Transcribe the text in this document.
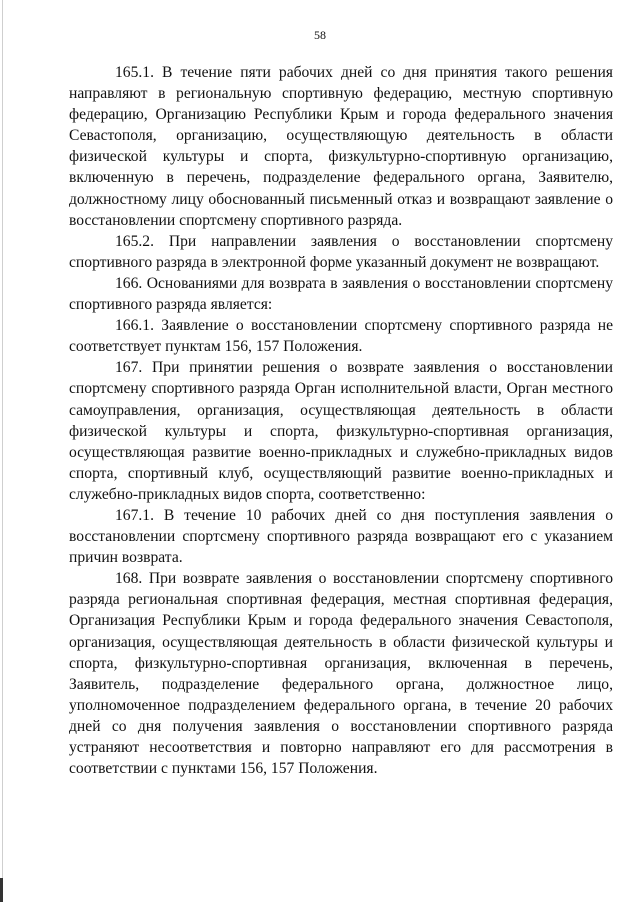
58

165.1. В течение пяти рабочих дней со дня принятия такого решения направляют в региональную спортивную федерацию, местную спортивную федерацию, Организацию Республики Крым и города федерального значения Севастополя, организацию, осуществляющую деятельность в области физической культуры и спорта, физкультурно-спортивную организацию, включенную в перечень, подразделение федерального органа, Заявителю, должностному лицу обоснованный письменный отказ и возвращают заявление о восстановлении спортсмену спортивного разряда.

165.2. При направлении заявления о восстановлении спортсмену спортивного разряда в электронной форме указанный документ не возвращают.

166. Основаниями для возврата в заявления о восстановлении спортсмену спортивного разряда является:

166.1. Заявление о восстановлении спортсмену спортивного разряда не соответствует пунктам 156, 157 Положения.

167. При принятии решения о возврате заявления о восстановлении спортсмену спортивного разряда Орган исполнительной власти, Орган местного самоуправления, организация, осуществляющая деятельность в области физической культуры и спорта, физкультурно-спортивная организация, осуществляющая развитие военно-прикладных и служебно-прикладных видов спорта, спортивный клуб, осуществляющий развитие военно-прикладных и служебно-прикладных видов спорта, соответственно:

167.1. В течение 10 рабочих дней со дня поступления заявления о восстановлении спортсмену спортивного разряда возвращают его с указанием причин возврата.

168. При возврате заявления о восстановлении спортсмену спортивного разряда региональная спортивная федерация, местная спортивная федерация, Организация Республики Крым и города федерального значения Севастополя, организация, осуществляющая деятельность в области физической культуры и спорта, физкультурно-спортивная организация, включенная в перечень, Заявитель, подразделение федерального органа, должностное лицо, уполномоченное подразделением федерального органа, в течение 20 рабочих дней со дня получения заявления о восстановлении спортивного разряда устраняют несоответствия и повторно направляют его для рассмотрения в соответствии с пунктами 156, 157 Положения.
